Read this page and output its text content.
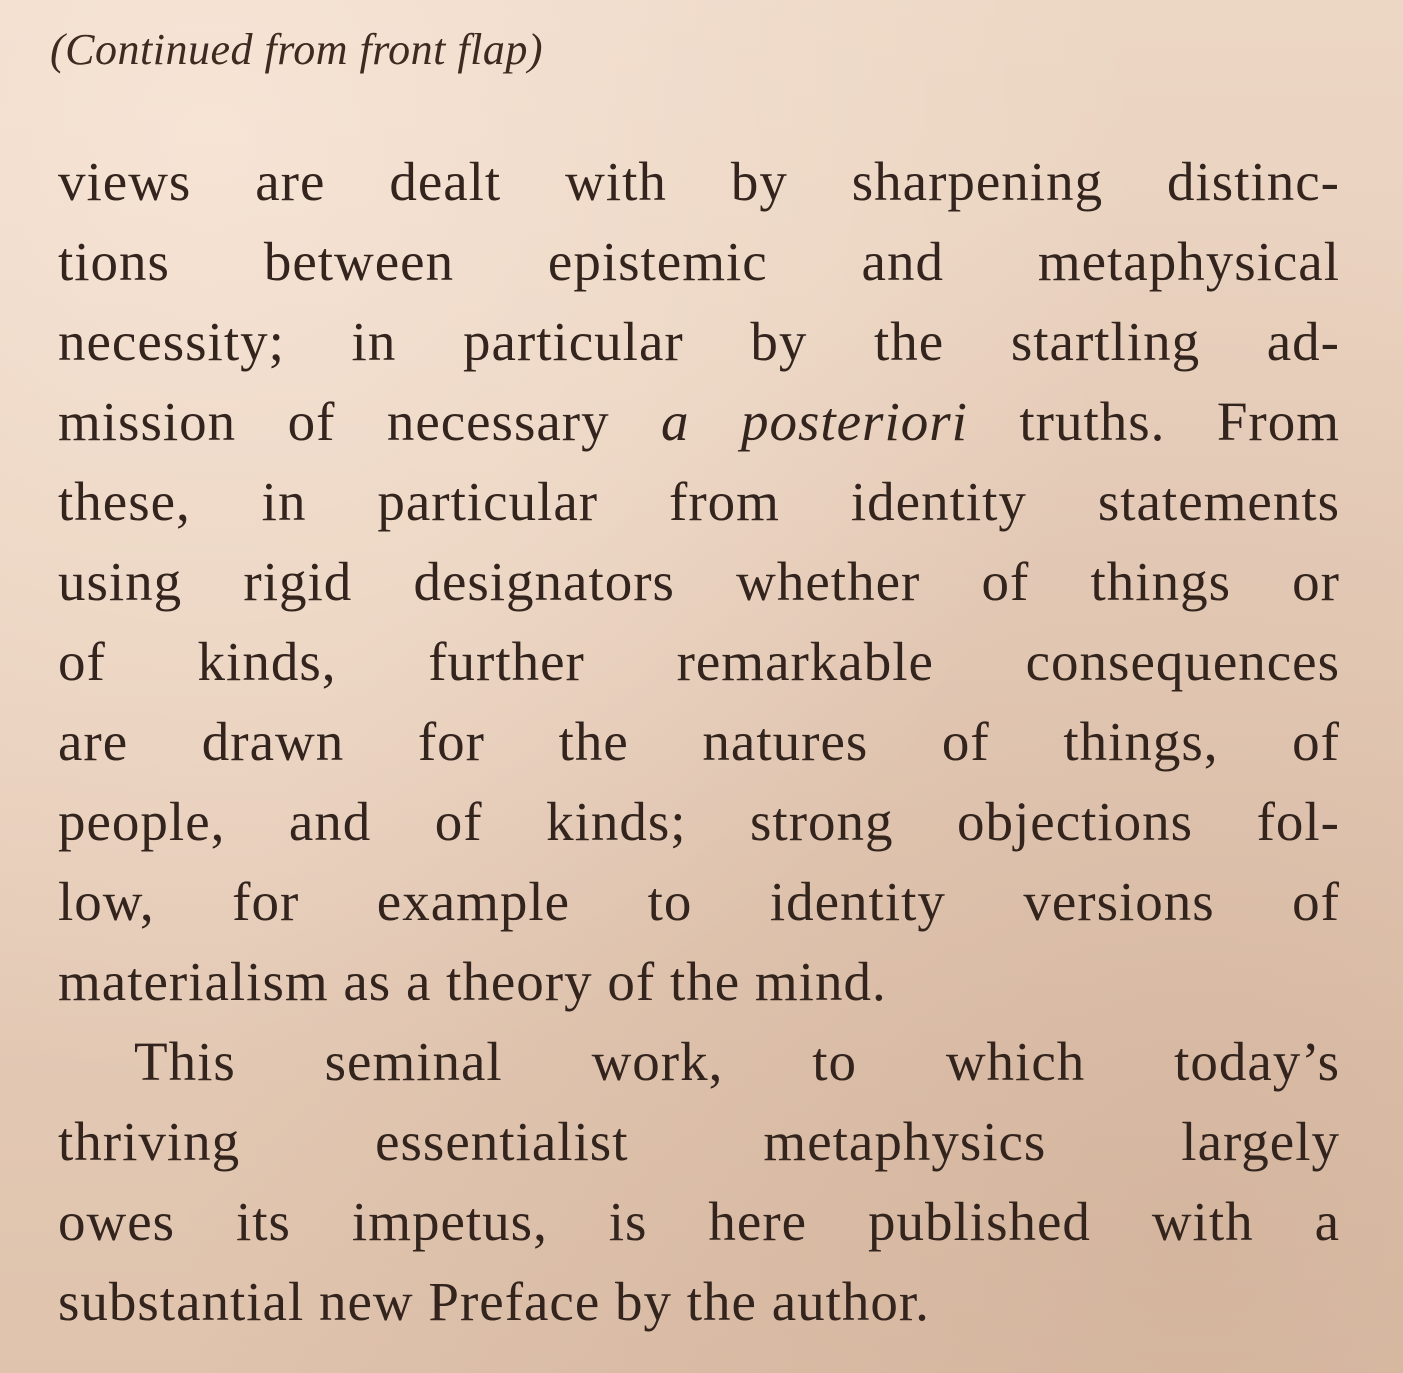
(Continued from front flap)
views are dealt with by sharpening distinc-
tions between epistemic and metaphysical
necessity; in particular by the startling ad-
mission of necessary a posteriori truths. From
these, in particular from identity statements
using rigid designators whether of things or
of kinds, further remarkable consequences
are drawn for the natures of things, of
people, and of kinds; strong objections fol-
low, for example to identity versions of
materialism as a theory of the mind.
This seminal work, to which today’s
thriving essentialist metaphysics largely
owes its impetus, is here published with a
substantial new Preface by the author.
